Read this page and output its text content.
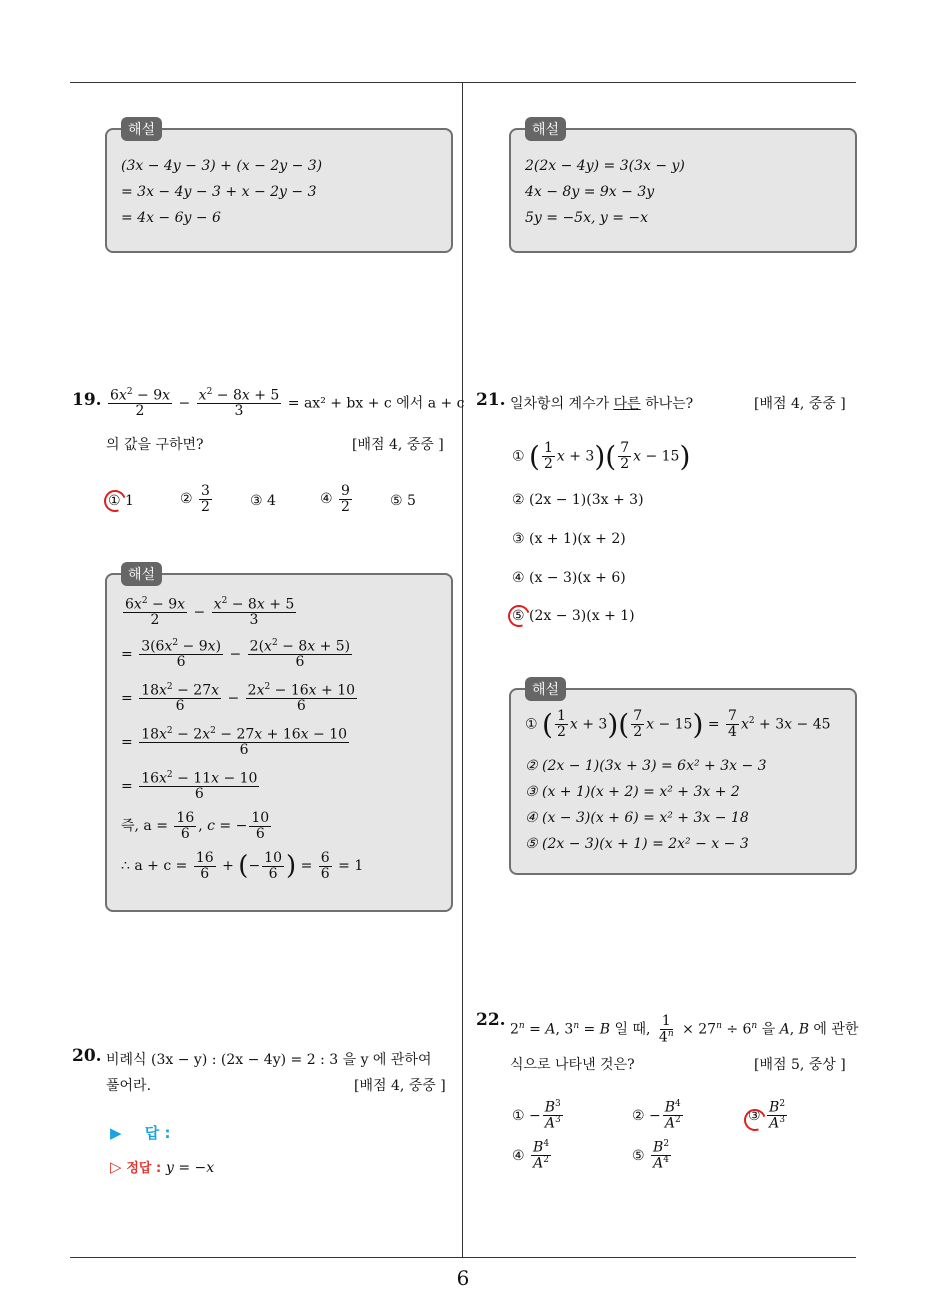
6
해설
(3x − 4y − 3) + (x − 2y − 3)
= 3x − 4y − 3 + x − 2y − 3
= 4x − 6y − 6
해설
2(2x − 4y) = 3(3x − y)
4x − 8y = 9x − 3y
5y = −5x, y = −x
19. $\frac{6x^2 - 9x}{2} - \frac{x^2 - 8x + 5}{3} = ax^2$ + bx + c 에서 a + c
의 값을 구하면?	[배점 4, 중중 ]
① 1	② $\frac{3}{2}$	③ 4	④ $\frac{9}{2}$	⑤ 5
해설
$\frac{6x^2 - 9x}{2} - \frac{x^2 - 8x + 5}{3}$
= $\frac{3(6x^2 - 9x)}{6} - \frac{2(x^2 - 8x + 5)}{6}$
= $\frac{18x^2 - 27x}{6} - \frac{2x^2 - 16x + 10}{6}$
= $\frac{18x^2 - 2x^2 - 27x + 16x - 10}{6}$
= $\frac{16x^2 - 11x - 10}{6}$
즉, $a = \frac{16}{6}$ , c = − $\frac{10}{6}$
∴ $a + c = \frac{16}{6}$ + (− $\frac{10}{6}$ ) = $\frac{6}{6} = 1$
20. 비례식 (3x − y) : (2x − 4y) = 2 : 3 을 y 에 관하여
풀어라.	[배점 4, 중중 ]
▶ 답 :
▷ 정답 : y = −x
21. 일차항의 계수가 다른 하나는?	[배점 4, 중중 ]
① ( $\frac{1}{2}$ $x + 3)( \frac{7}{2}$ x − 15)
② (2x − 1)(3x + 3)
③ (x + 1)(x + 2)
④ (x − 3)(x + 6)
⑤ (2x − 3)(x + 1)
해설
① ( $\frac{1}{2}$ $x + 3)( \frac{7}{2}$ $x - 15) = \frac{7}{4} x^2 + 3x - 45$
② (2x − 1)(3x + 3) = 6x² + 3x − 3
③ (x + 1)(x + 2) = x² + 3x + 2
④ (x − 3)(x + 6) = x² + 3x − 18
⑤ (2x − 3)(x + 1) = 2x² − x − 3
22. $2^n = A$, $3^n = B$ 일 때, $\frac{1}{4^n} \times 27^n \div 6^n$ 을 A, B 에 관한
식으로 나타낸 것은?	[배점 5, 중상 ]
① − $\frac{B^3}{A^3}$	② − $\frac{B^4}{A^2}$	③ $\frac{B^2}{A^3}$
④ $\frac{B^4}{A^2}$	⑤ $\frac{B^2}{A^4}$
